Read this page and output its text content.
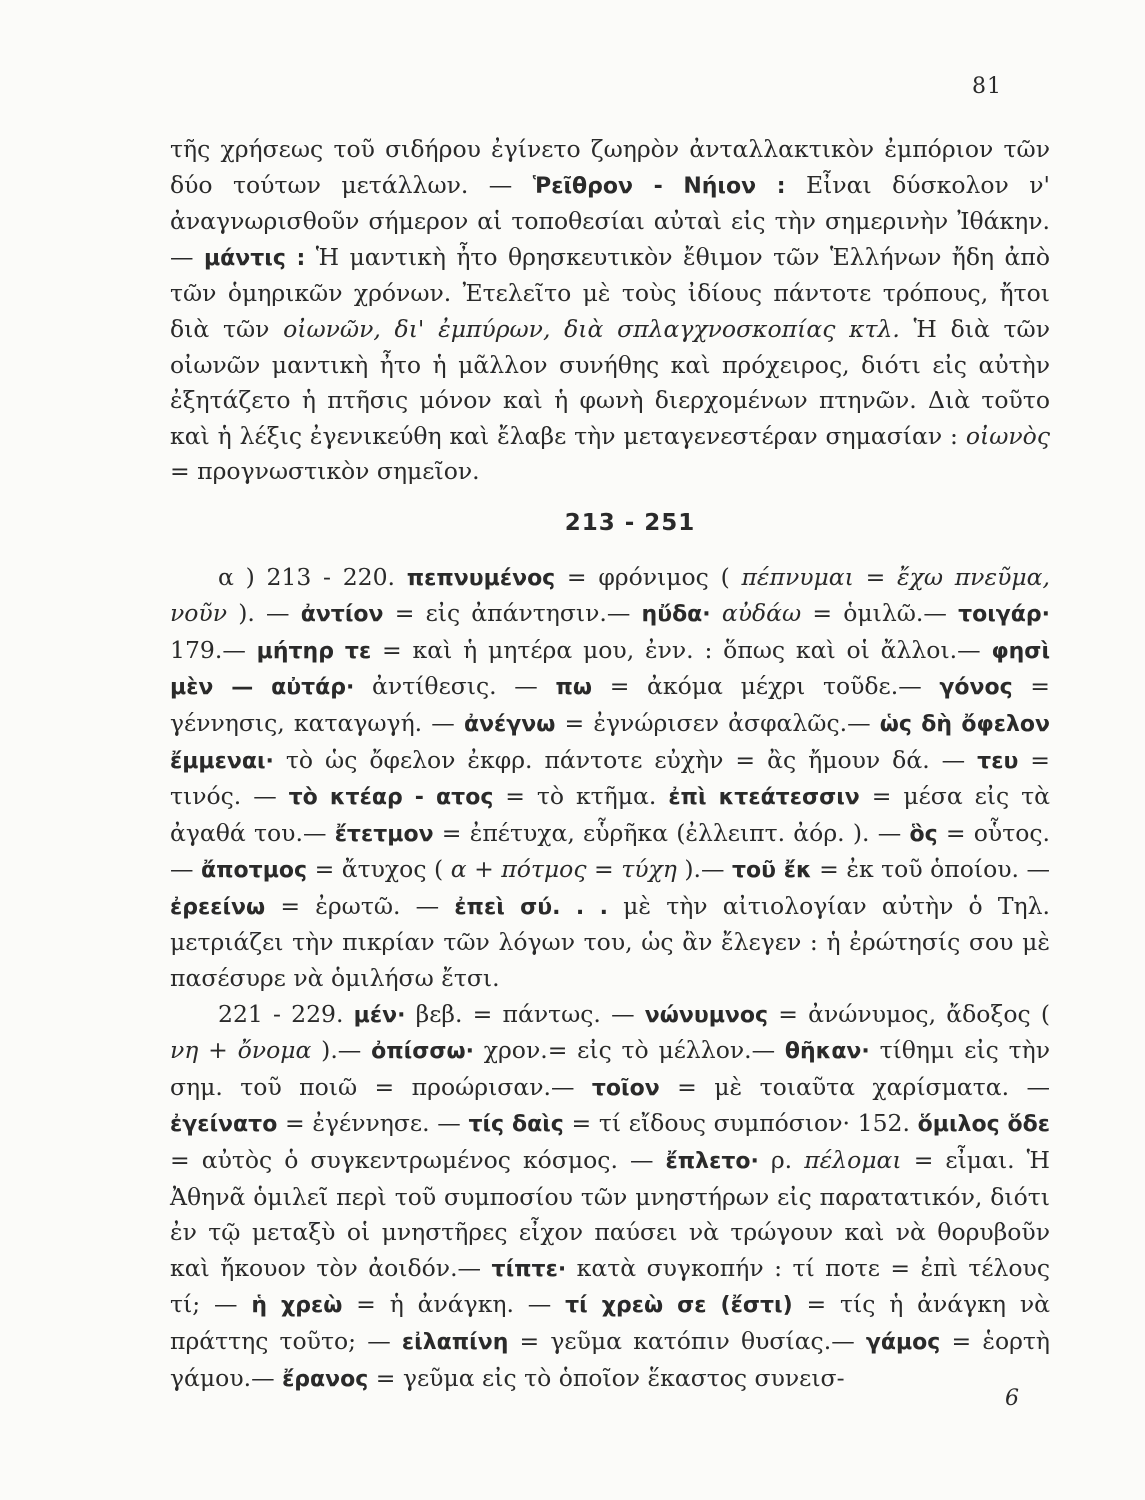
81

τῆς χρήσεως τοῦ σιδήρου ἐγίνετο ζωηρὸν ἀνταλλακτικὸν ἐμπόριον τῶν δύο τούτων μετάλλων. — Ῥεῖθρον - Νήιον : Εἶναι δύσκολον ν' ἀναγνωρισθοῦν σήμερον αἱ τοποθεσίαι αὐταὶ εἰς τὴν σημερινὴν Ἰθάκην. — μάντις : Ἡ μαντικὴ ἦτο θρησκευτικὸν ἔθιμον τῶν Ἑλλήνων ἤδη ἀπὸ τῶν ὁμηρικῶν χρόνων. Ἐτελεῖτο μὲ τοὺς ἰδίους πάντοτε τρόπους, ἤτοι διὰ τῶν οἰωνῶν, δι' ἐμπύρων, διὰ σπλαγχνοσκοπίας κτλ. Ἡ διὰ τῶν οἰωνῶν μαντικὴ ἦτο ἡ μᾶλλον συνήθης καὶ πρόχειρος, διότι εἰς αὐτὴν ἐξητάζετο ἡ πτῆσις μόνον καὶ ἡ φωνὴ διερχομένων πτηνῶν. Διὰ τοῦτο καὶ ἡ λέξις ἐγενικεύθη καὶ ἔλαβε τὴν μεταγενεστέραν σημασίαν : οἰωνὸς = προγνωστικὸν σημεῖον.

213 - 251

α ) 213 - 220. πεπνυμένος = φρόνιμος ( πέπνυμαι = ἔχω πνεῦμα, νοῦν ). — ἀντίον = εἰς ἀπάντησιν.— ηὔδα· αὐδάω = ὁμιλῶ.— τοιγάρ· 179.— μήτηρ τε = καὶ ἡ μητέρα μου, ἐνν. : ὅπως καὶ οἱ ἄλλοι.— φησὶ μὲν — αὐτάρ· ἀντίθεσις. — πω = ἀκόμα μέχρι τοῦδε.— γόνος = γέννησις, καταγωγή. — ἀνέγνω = ἐγνώρισεν ἀσφαλῶς.— ὡς δὴ ὄφελον ἔμμεναι· τὸ ὡς ὄφελον ἐκφρ. πάντοτε εὐχὴν = ἂς ἤμουν δά. — τευ = τινός. — τὸ κτέαρ - ατος = τὸ κτῆμα. ἐπὶ κτεάτεσσιν = μέσα εἰς τὰ ἀγαθά του.— ἔτετμον = ἐπέτυχα, εὗρῆκα (ἐλλειπτ. ἀόρ. ). — ὃς = οὗτος. — ἄποτμος = ἄτυχος ( α + πότμος = τύχη ).— τοῦ ἔκ = ἐκ τοῦ ὁποίου. — ἐρεείνω = ἐρωτῶ. — ἐπεὶ σύ. . . μὲ τὴν αἰτιολογίαν αὐτὴν ὁ Τηλ. μετριάζει τὴν πικρίαν τῶν λόγων του, ὡς ἂν ἔλεγεν : ἡ ἐρώτησίς σου μὲ πασέσυρε νὰ ὁμιλήσω ἔτσι.

221 - 229. μέν· βεβ. = πάντως. — νώνυμνος = ἀνώνυμος, ἄδοξος ( νη + ὄνομα ).— ὀπίσσω· χρον.= εἰς τὸ μέλλον.— θῆκαν· τίθημι εἰς τὴν σημ. τοῦ ποιῶ = προώρισαν.— τοῖον = μὲ τοιαῦτα χαρίσματα. — ἐγείνατο = ἐγέννησε. — τίς δαὶς = τί εἴδους συμπόσιον· 152. ὅμιλος ὅδε = αὐτὸς ὁ συγκεντρωμένος κόσμος. — ἔπλετο· ρ. πέλομαι = εἶμαι. Ἡ Ἀθηνᾶ ὁμιλεῖ περὶ τοῦ συμποσίου τῶν μνηστήρων εἰς παρατατικόν, διότι ἐν τῷ μεταξὺ οἱ μνηστῆρες εἶχον παύσει νὰ τρώγουν καὶ νὰ θορυβοῦν καὶ ἤκουον τὸν ἀοιδόν.— τίπτε· κατὰ συγκοπήν : τί ποτε = ἐπὶ τέλους τί; — ἡ χρεὼ = ἡ ἀνάγκη. — τί χρεὼ σε (ἔστι) = τίς ἡ ἀνάγκη νὰ πράττης τοῦτο; — εἰλαπίνη = γεῦμα κατόπιν θυσίας.— γάμος = ἑορτὴ γάμου.— ἔρανος = γεῦμα εἰς τὸ ὁποῖον ἕκαστος συνεισ-

6
